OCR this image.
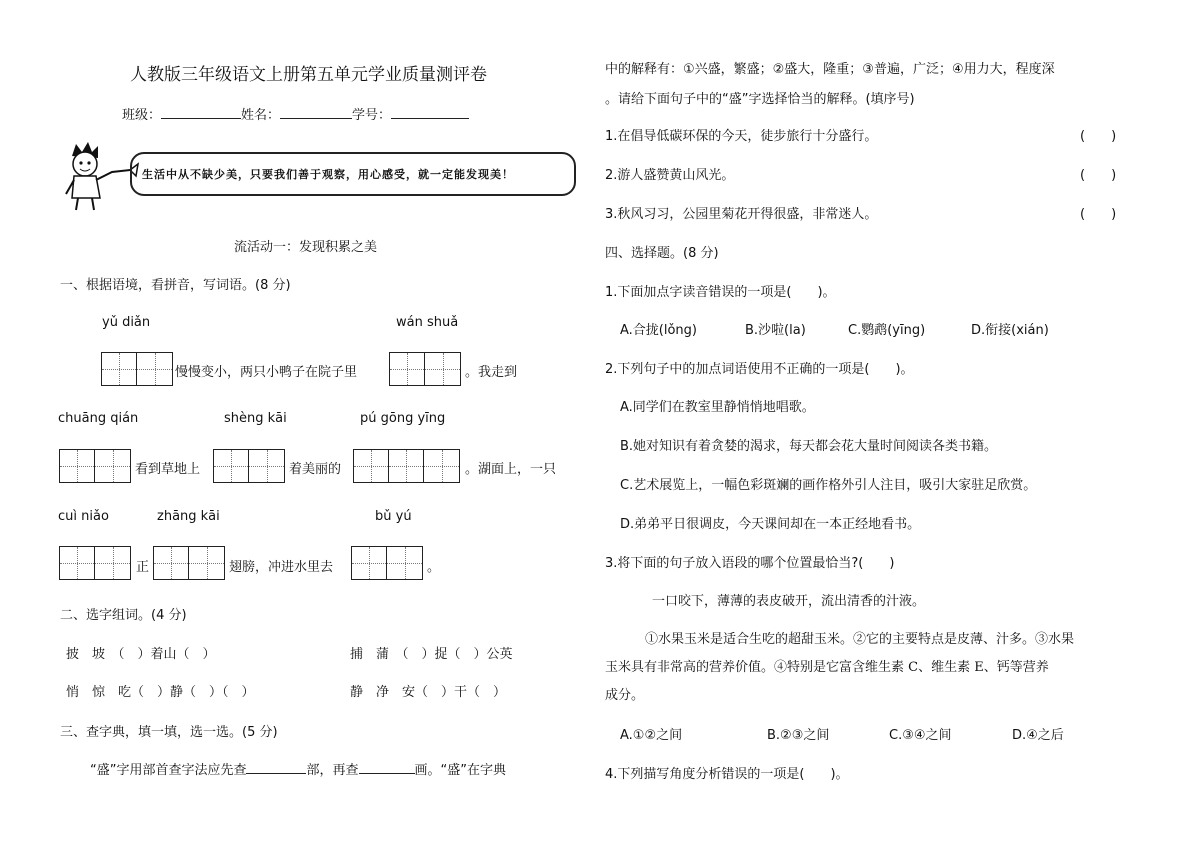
人教版三年级语文上册第五单元学业质量测评卷
班级：	姓名：	学号：
生活中从不缺少美，只要我们善于观察，用心感受，就一定能发现美！
流活动一：发现积累之美
一、根据语境，看拼音，写词语。(8 分)
yǔ diǎn	wán shuǎ
慢慢变小，两只小鸭子在院子里	。我走到
chuāng qián	shèng kāi	pú gōng yīng
看到草地上	着美丽的	。湖面上，一只
cuì niǎo	zhāng kāi	bǔ yú
正	翅膀，冲进水里去	。
二、选字组词。(4 分)
披　坡　（　）着山（　）	捕　蒲　（　）捉（　）公英
悄　惊　吃（　）静（　）（　）	静　净　安（　）干（　）
三、查字典，填一填，选一选。(5 分)
“盛”字用部首查字法应先查	部，再查	画。“盛”在字典
中的解释有：①兴盛，繁盛；②盛大，隆重；③普遍，广泛；④用力大，程度深
。请给下面句子中的“盛”字选择恰当的解释。(填序号)
1.在倡导低碳环保的今天，徒步旅行十分盛行。	(　　)
2.游人盛赞黄山风光。	(　　)
3.秋风习习，公园里菊花开得很盛，非常迷人。	(　　)
四、选择题。(8 分)
1.下面加点字读音错误的一项是(　　)。
A.合拢(lǒng)	B.沙啦(la)	C.鹦鹉(yīng)	D.衔接(xián)
2.下列句子中的加点词语使用不正确的一项是(　　)。
A.同学们在教室里静悄悄地唱歌。
B.她对知识有着贪婪的渴求，每天都会花大量时间阅读各类书籍。
C.艺术展览上，一幅色彩斑斓的画作格外引人注目，吸引大家驻足欣赏。
D.弟弟平日很调皮，今天课间却在一本正经地看书。
3.将下面的句子放入语段的哪个位置最恰当?(　　)
一口咬下，薄薄的表皮破开，流出清香的汁液。
①水果玉米是适合生吃的超甜玉米。②它的主要特点是皮薄、汁多。③水果
玉米具有非常高的营养价值。④特别是它富含维生素 C、维生素 E、钙等营养
成分。
A.①②之间	B.②③之间	C.③④之间	D.④之后
4.下列描写角度分析错误的一项是(　　)。
